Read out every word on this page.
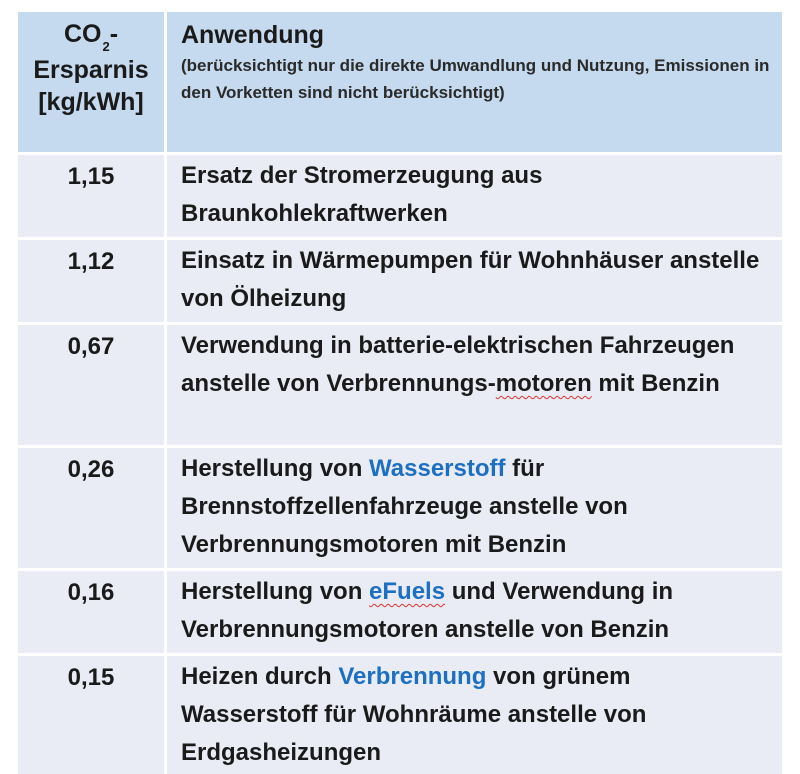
$CO_2-$
Ersparnis
[kg/kWh]	Anwendung
(berücksichtigt nur die direkte Umwandlung und Nutzung, Emissionen in den Vorketten sind nicht berücksichtigt)

1,15	Ersatz der Stromerzeugung aus Braunkohlekraftwerken
1,12	Einsatz in Wärmepumpen für Wohnhäuser anstelle von Ölheizung
0,67	Verwendung in batterie-elektrischen Fahrzeugen anstelle von Verbrennungs-motoren mit Benzin
0,26	Herstellung von Wasserstoff für Brennstoffzellenfahrzeuge anstelle von Verbrennungsmotoren mit Benzin
0,16	Herstellung von eFuels und Verwendung in Verbrennungsmotoren anstelle von Benzin
0,15	Heizen durch Verbrennung von grünem Wasserstoff für Wohnräume anstelle von Erdgasheizungen
